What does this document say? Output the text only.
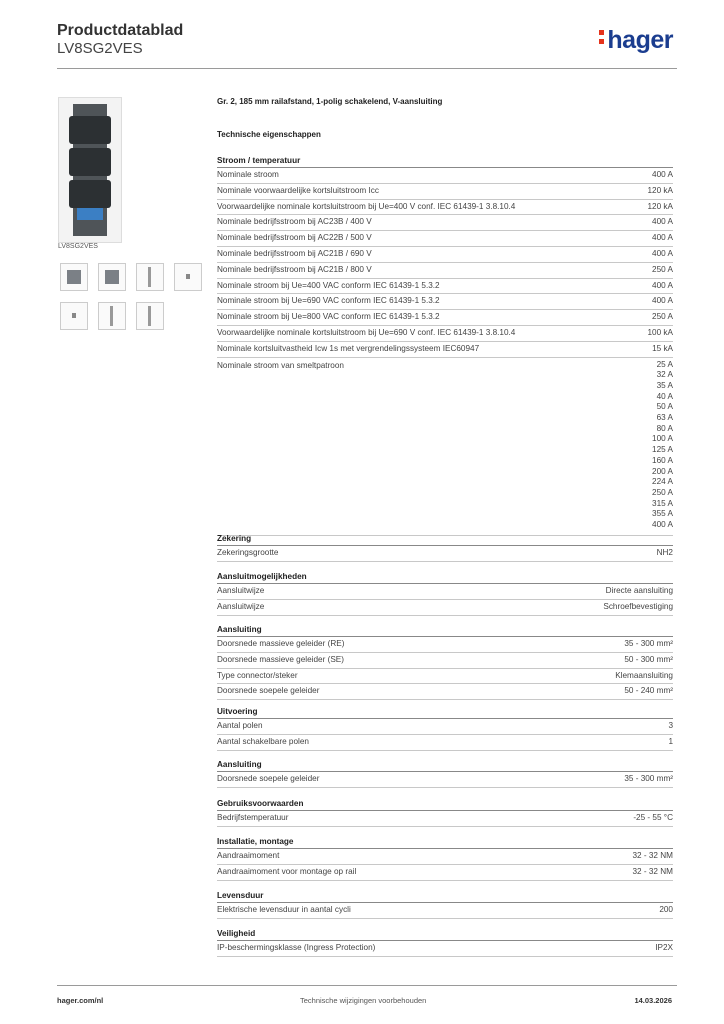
Productdatablad
LV8SG2VES	hager
LV8SG2VES
Gr. 2, 185 mm railafstand, 1-polig schakelend, V-aansluiting
Technische eigenschappen
Stroom / temperatuur
Nominale stroom	400 A
Nominale voorwaardelijke kortsluitstroom Icc	120 kA
Voorwaardelijke nominale kortsluitstroom bij Ue=400 V conf. IEC 61439-1 3.8.10.4	120 kA
Nominale bedrijfsstroom bij AC23B / 400 V	400 A
Nominale bedrijfsstroom bij AC22B / 500 V	400 A
Nominale bedrijfsstroom bij AC21B / 690 V	400 A
Nominale bedrijfsstroom bij AC21B / 800 V	250 A
Nominale stroom bij Ue=400 VAC conform IEC 61439-1 5.3.2	400 A
Nominale stroom bij Ue=690 VAC conform IEC 61439-1 5.3.2	400 A
Nominale stroom bij Ue=800 VAC conform IEC 61439-1 5.3.2	250 A
Voorwaardelijke nominale kortsluitstroom bij Ue=690 V conf. IEC 61439-1 3.8.10.4	100 kA
Nominale kortsluitvastheid Icw 1s met vergrendelingssysteem IEC60947	15 kA
Nominale stroom van smeltpatroon	25 A
32 A
35 A
40 A
50 A
63 A
80 A
100 A
125 A
160 A
200 A
224 A
250 A
315 A
355 A
400 A
Zekering
Zekeringsgrootte	NH2
Aansluitmogelijkheden
Aansluitwijze	Directe aansluiting
Aansluitwijze	Schroefbevestiging
Aansluiting
Doorsnede massieve geleider (RE)	35 - 300 mm²
Doorsnede massieve geleider (SE)	50 - 300 mm²
Type connector/steker	Klemaansluiting
Doorsnede soepele geleider	50 - 240 mm²
Uitvoering
Aantal polen	3
Aantal schakelbare polen	1
Aansluiting
Doorsnede soepele geleider	35 - 300 mm²
Gebruiksvoorwaarden
Bedrijfstemperatuur	-25 - 55 °C
Installatie, montage
Aandraaimoment	32 - 32 NM
Aandraaimoment voor montage op rail	32 - 32 NM
Levensduur
Elektrische levensduur in aantal cycli	200
Veiligheid
IP-beschermingsklasse (Ingress Protection)	IP2X
hager.com/nl	Technische wijzigingen voorbehouden	14.03.2026
